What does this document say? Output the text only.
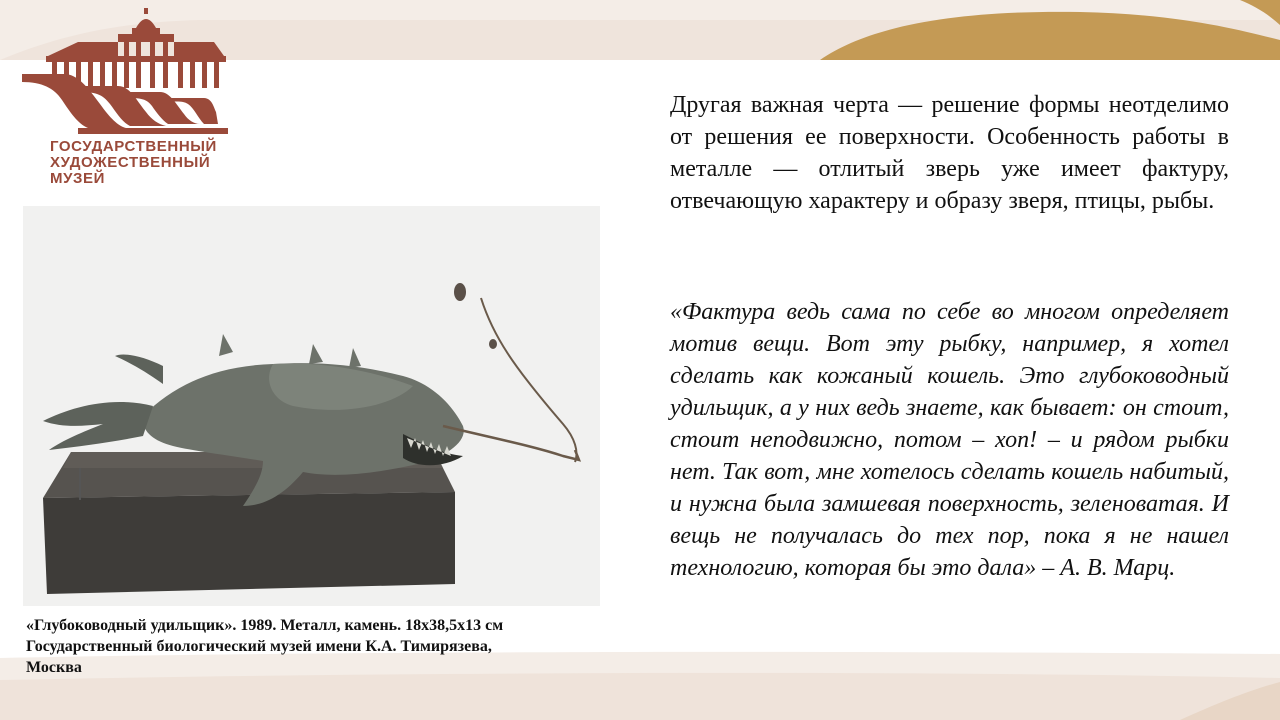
ГОСУДАРСТВЕННЫЙ
ХУДОЖЕСТВЕННЫЙ
МУЗЕЙ
«Глубоководный удильщик». 1989. Металл, камень. 18х38,5х13 см
Государственный биологический музей имени К.А. Тимирязева,
Москва
Другая важная черта — решение формы неотделимо от решения ее поверхности. Особенность работы в металле — отлитый зверь уже имеет фактуру, отвечающую характеру и образу зверя, птицы, рыбы.
«Фактура ведь сама по себе во многом определяет мотив вещи. Вот эту рыбку, например, я хотел сделать как кожаный кошель. Это глубоководный удильщик, а у них ведь знаете, как бывает: он стоит, стоит неподвижно, потом – хоп! – и рядом рыбки нет. Так вот, мне хотелось сделать кошель набитый, и нужна была замшевая поверхность, зеленоватая. И вещь не получалась до тех пор, пока я не нашел технологию, которая бы это дала» – А. В. Марц.
